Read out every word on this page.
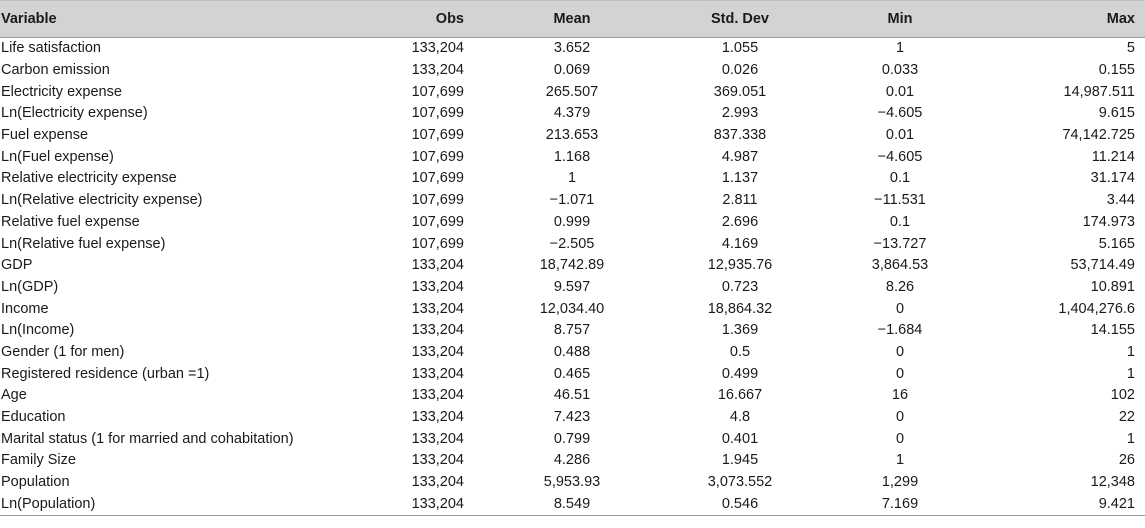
Variable	Obs	Mean	Std. Dev	Min	Max
Life satisfaction	133,204	3.652	1.055	1	5
Carbon emission	133,204	0.069	0.026	0.033	0.155
Electricity expense	107,699	265.507	369.051	0.01	14,987.511
Ln(Electricity expense)	107,699	4.379	2.993	−4.605	9.615
Fuel expense	107,699	213.653	837.338	0.01	74,142.725
Ln(Fuel expense)	107,699	1.168	4.987	−4.605	11.214
Relative electricity expense	107,699	1	1.137	0.1	31.174
Ln(Relative electricity expense)	107,699	−1.071	2.811	−11.531	3.44
Relative fuel expense	107,699	0.999	2.696	0.1	174.973
Ln(Relative fuel expense)	107,699	−2.505	4.169	−13.727	5.165
GDP	133,204	18,742.89	12,935.76	3,864.53	53,714.49
Ln(GDP)	133,204	9.597	0.723	8.26	10.891
Income	133,204	12,034.40	18,864.32	0	1,404,276.6
Ln(Income)	133,204	8.757	1.369	−1.684	14.155
Gender (1 for men)	133,204	0.488	0.5	0	1
Registered residence (urban =1)	133,204	0.465	0.499	0	1
Age	133,204	46.51	16.667	16	102
Education	133,204	7.423	4.8	0	22
Marital status (1 for married and cohabitation)	133,204	0.799	0.401	0	1
Family Size	133,204	4.286	1.945	1	26
Population	133,204	5,953.93	3,073.552	1,299	12,348
Ln(Population)	133,204	8.549	0.546	7.169	9.421
